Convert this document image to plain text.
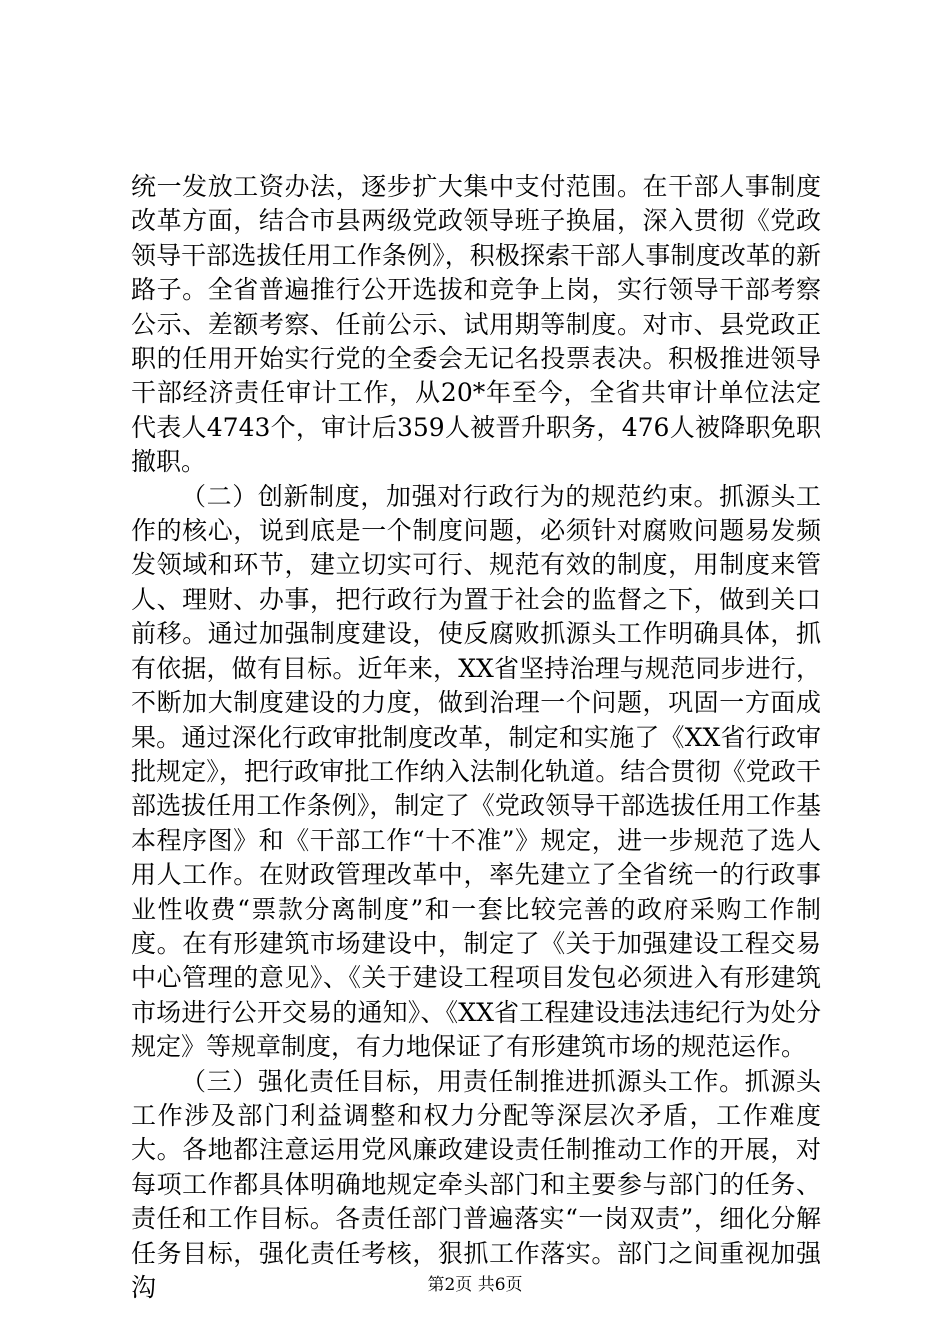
统一发放工资办法，逐步扩大集中支付范围。在干部人事制度改革方面，结合市县两级党政领导班子换届，深入贯彻《党政领导干部选拔任用工作条例》，积极探索干部人事制度改革的新路子。全省普遍推行公开选拔和竞争上岗，实行领导干部考察公示、差额考察、任前公示、试用期等制度。对市、县党政正职的任用开始实行党的全委会无记名投票表决。积极推进领导干部经济责任审计工作，从20*年至今，全省共审计单位法定代表人4743个，审计后359人被晋升职务，476人被降职免职撤职。

（二）创新制度，加强对行政行为的规范约束。抓源头工作的核心，说到底是一个制度问题，必须针对腐败问题易发频发领域和环节，建立切实可行、规范有效的制度，用制度来管人、理财、办事，把行政行为置于社会的监督之下，做到关口前移。通过加强制度建设，使反腐败抓源头工作明确具体，抓有依据，做有目标。近年来，XX省坚持治理与规范同步进行，不断加大制度建设的力度，做到治理一个问题，巩固一方面成果。通过深化行政审批制度改革，制定和实施了《XX省行政审批规定》，把行政审批工作纳入法制化轨道。结合贯彻《党政干部选拔任用工作条例》，制定了《党政领导干部选拔任用工作基本程序图》和《干部工作“十不准”》规定，进一步规范了选人用人工作。在财政管理改革中，率先建立了全省统一的行政事业性收费“票款分离制度”和一套比较完善的政府采购工作制度。在有形建筑市场建设中，制定了《关于加强建设工程交易中心管理的意见》、《关于建设工程项目发包必须进入有形建筑市场进行公开交易的通知》、《XX省工程建设违法违纪行为处分规定》等规章制度，有力地保证了有形建筑市场的规范运作。

（三）强化责任目标，用责任制推进抓源头工作。抓源头工作涉及部门利益调整和权力分配等深层次矛盾，工作难度大。各地都注意运用党风廉政建设责任制推动工作的开展，对每项工作都具体明确地规定牵头部门和主要参与部门的任务、责任和工作目标。各责任部门普遍落实“一岗双责”，细化分解任务目标，强化责任考核，狠抓工作落实。部门之间重视加强沟	第2页 共6页
